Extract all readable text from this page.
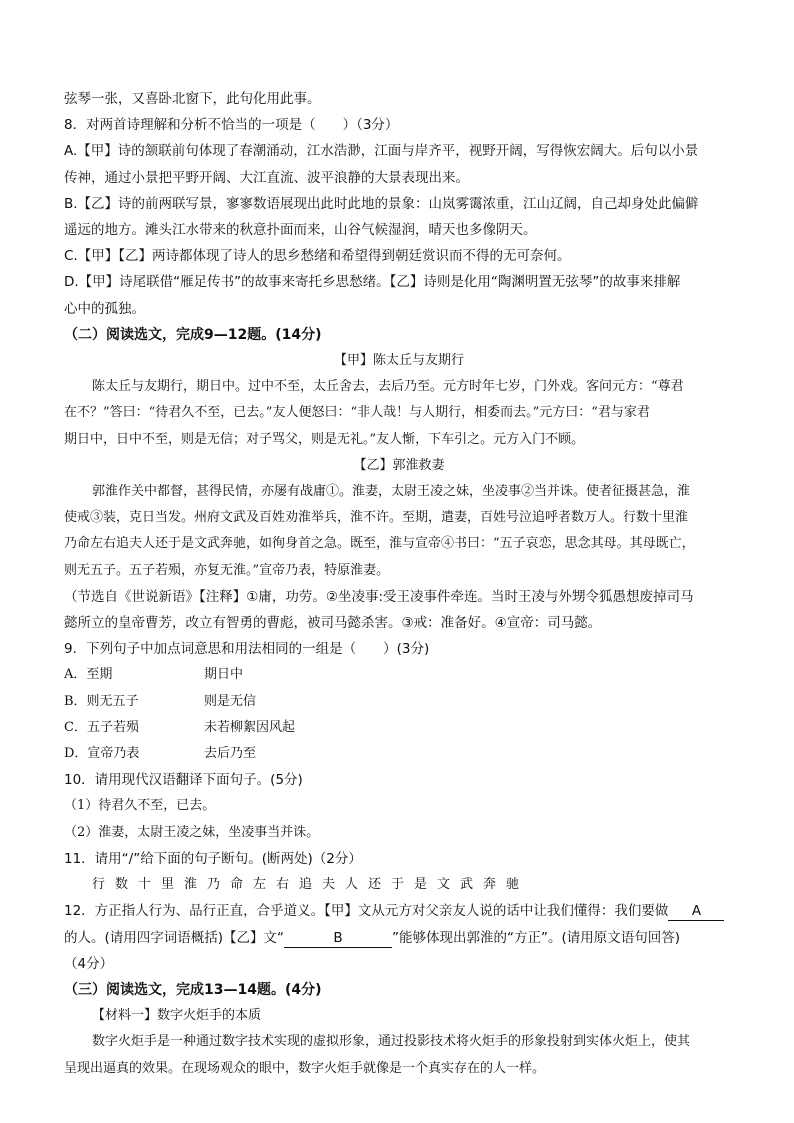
弦琴一张，又喜卧北窗下，此句化用此事。
8．对两首诗理解和分析不恰当的一项是（　　）（3分）
A.【甲】诗的颔联前句体现了春潮涌动，江水浩渺，江面与岸齐平，视野开阔，写得恢宏阔大。后句以小景
传神，通过小景把平野开阔、大江直流、波平浪静的大景表现出来。
B.【乙】诗的前两联写景，寥寥数语展现出此时此地的景象：山岚雾霭浓重，江山辽阔，自己却身处此偏僻
遥远的地方。滩头江水带来的秋意扑面而来，山谷气候湿润，晴天也多像阴天。
C.【甲】【乙】两诗都体现了诗人的思乡愁绪和希望得到朝廷赏识而不得的无可奈何。
D.【甲】诗尾联借“雁足传书”的故事来寄托乡思愁绪。【乙】诗则是化用“陶渊明置无弦琴”的故事来排解
心中的孤独。
（二）阅读选文，完成9—12题。(14分)
【甲】陈太丘与友期行
陈太丘与友期行，期日中。过中不至，太丘舍去，去后乃至。元方时年七岁，门外戏。客问元方：“尊君
在不？”答曰：“待君久不至，已去。”友人便怒曰：“非人哉！与人期行，相委而去。”元方曰：“君与家君
期日中，日中不至，则是无信；对子骂父，则是无礼。”友人惭，下车引之。元方入门不顾。
【乙】郭淮救妻
郭淮作关中都督，甚得民情，亦屡有战庸①。淮妻，太尉王凌之妹，坐凌事②当并诛。使者征摄甚急，淮
使戒③装，克日当发。州府文武及百姓劝淮举兵，淮不许。至期，遣妻，百姓号泣追呼者数万人。行数十里淮
乃命左右追夫人还于是文武奔驰，如徇身首之急。既至，淮与宣帝④书曰：“五子哀恋，思念其母。其母既亡，
则无五子。五子若殒，亦复无淮。”宣帝乃表，特原淮妻。
（节选自《世说新语》【注释】①庸，功劳。②坐凌事:受王凌事件牵连。当时王凌与外甥令狐愚想废掉司马
懿所立的皇帝曹芳，改立有智勇的曹彪，被司马懿杀害。③戒：准备好。④宣帝：司马懿。
9．下列句子中加点词意思和用法相同的一组是（　　）(3分)
A．至期	期日中
B．则无五子	则是无信
C．五子若殒	未若柳絮因风起
D．宣帝乃表	去后乃至
10．请用现代汉语翻译下面句子。(5分)
（1）待君久不至，已去。
（2）淮妻，太尉王凌之妹，坐凌事当并诛。
11．请用“/”给下面的句子断句。(断两处)（2分）
行数十里淮乃命左右追夫人还于是文武奔驰
12．方正指人行为、品行正直，合乎道义。【甲】文从元方对父亲友人说的话中让我们懂得：我们要做 A
的人。(请用四字词语概括)【乙】文“	B	”能够体现出郭淮的“方正”。(请用原文语句回答)
（4分）
（三）阅读选文，完成13—14题。(4分)
【材料一】数字火炬手的本质
数字火炬手是一种通过数字技术实现的虚拟形象，通过投影技术将火炬手的形象投射到实体火炬上，使其
呈现出逼真的效果。在现场观众的眼中，数字火炬手就像是一个真实存在的人一样。
